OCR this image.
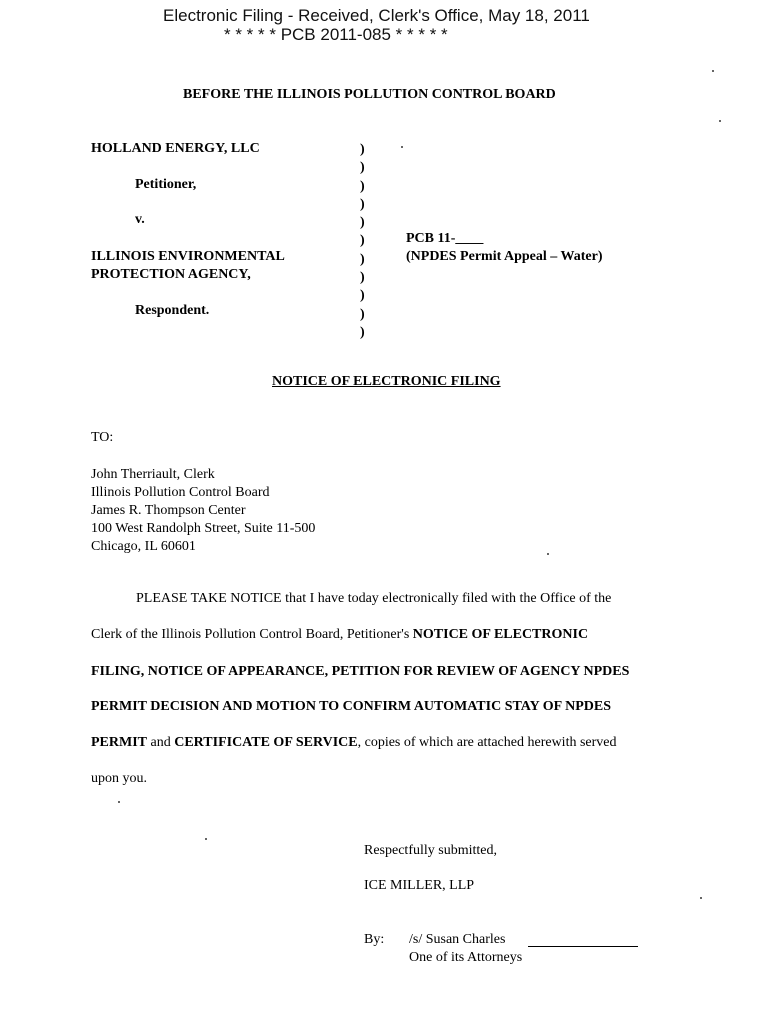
Electronic Filing - Received, Clerk's Office, May 18, 2011
* * * * * PCB 2011-085 * * * * *
BEFORE THE ILLINOIS POLLUTION CONTROL BOARD
HOLLAND ENERGY, LLC
Petitioner,
v.
ILLINOIS ENVIRONMENTAL
PROTECTION AGENCY,
Respondent.
)
)
)
)
)
)
)
)
)
)
)
PCB 11-____
(NPDES Permit Appeal – Water)
NOTICE OF ELECTRONIC FILING
TO:
John Therriault, Clerk
Illinois Pollution Control Board
James R. Thompson Center
100 West Randolph Street, Suite 11-500
Chicago, IL 60601
PLEASE TAKE NOTICE that I have today electronically filed with the Office of the
Clerk of the Illinois Pollution Control Board, Petitioner's NOTICE OF ELECTRONIC
FILING, NOTICE OF APPEARANCE, PETITION FOR REVIEW OF AGENCY NPDES
PERMIT DECISION AND MOTION TO CONFIRM AUTOMATIC STAY OF NPDES
PERMIT and CERTIFICATE OF SERVICE, copies of which are attached herewith served
upon you.
Respectfully submitted,
ICE MILLER, LLP
By: /s/ Susan Charles
One of its Attorneys
